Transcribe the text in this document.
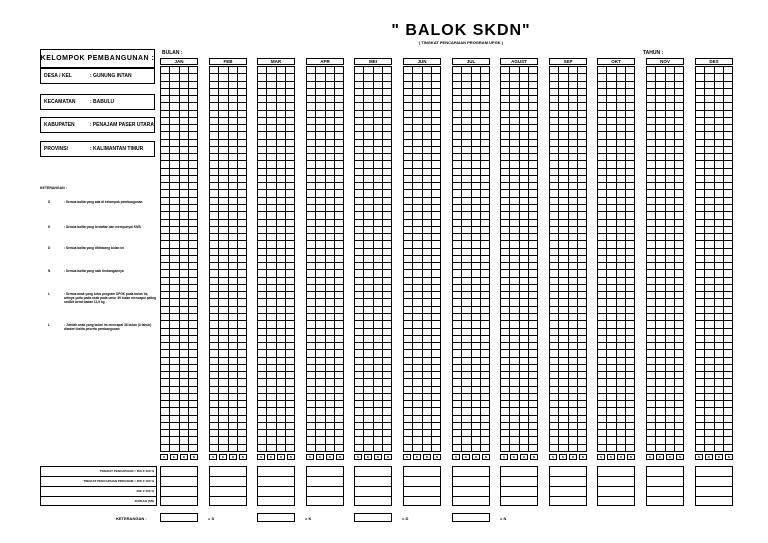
" BALOK SKDN"
( TINGKAT PENCAPAIAN PROGRAM UPGK )
BULAN :	TAHUN :
KELOMPOK PEMBANGUNAN :
DESA / KEL	: GUNUNG INTAN
KECAMATAN	: BABULU
KABUPATEN	: PENAJAM PASER UTARA
PROVINSI	: KALIMANTAN TIMUR
KETERANGAN :
S	: Semua balita yang ada di kelompok pembangunan
K	: Semua balita yang terdaftar dan mempunyai KMS
D	: Semua balita yang ditimbang bulan ini
N	: Semua balita yang naik timbangannya
L	: Semua anak yang lulus program UPGK pada bulan ini, artinya yaitu pada anak pada umur 36 bulan mencapai paling sedikit berat badan 11,5 kg
L	: Jumlah anak yang bulan ini mencapai 36 bulan (3 tahun) dianteri balita peserta pembangunan
JAN
S	K	D	N
FEB
S	K	D	N
MAR
S	K	D	N
APR
S	K	D	N
MEI
S	K	D	N
JUN
S	K	D	N
JUL
S	K	D	N
AGUST
S	K	D	N
SEP
S	K	D	N
OKT
S	K	D	N
NOV
S	K	D	N
DES
S	K	D	N
TINGKAT PENCAPAIAN = D/S X 100 %
TINGKAT PENCAPAIAN PROGRAM = D/S X 100 %
D/K X 100 %
JUMLAH (SN)
KETERANGAN :	= S	= K	= D	= N
